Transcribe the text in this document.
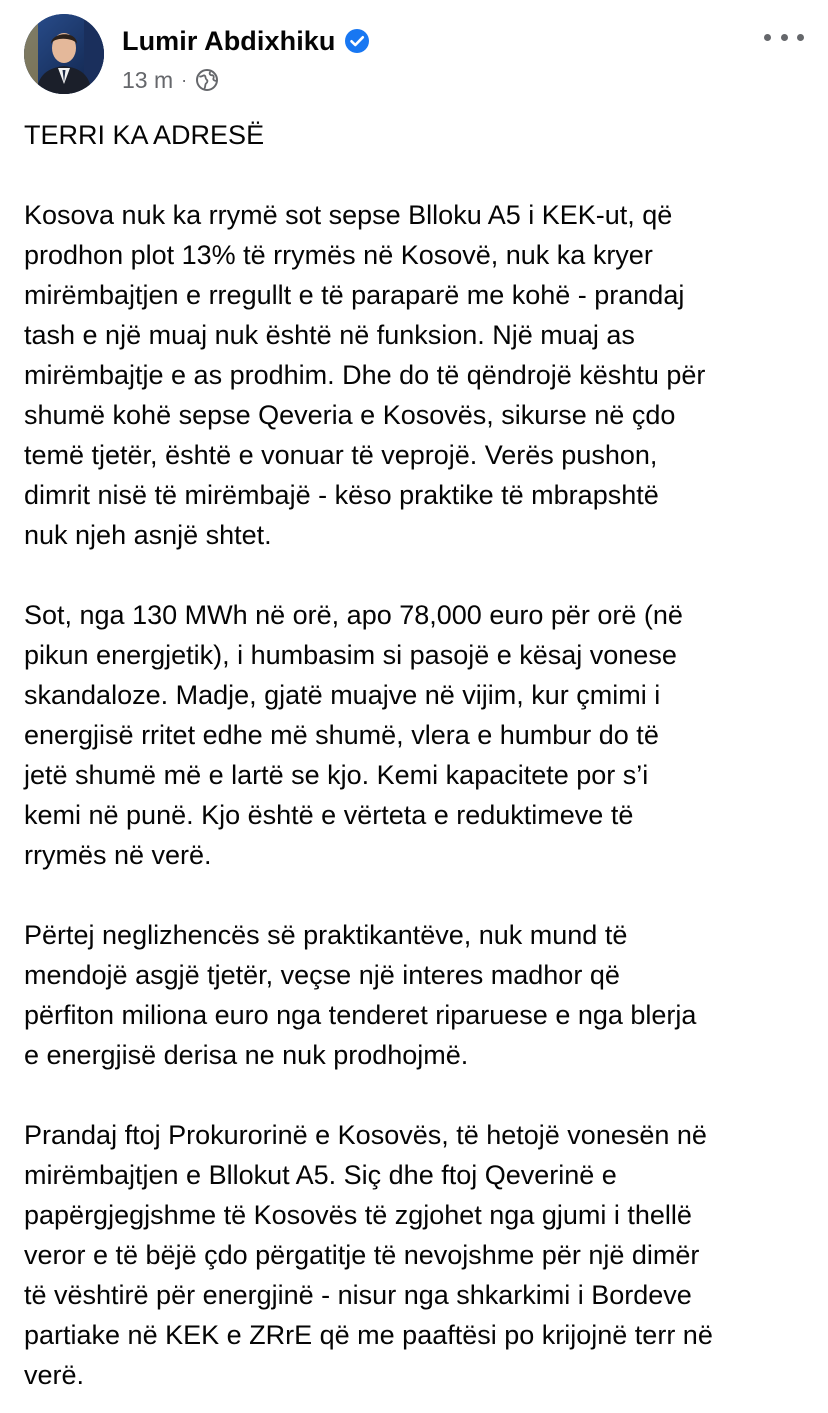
Lumir Abdixhiku
13 m ·

TERRI KA ADRESË

Kosova nuk ka rrymë sot sepse Blloku A5 i KEK-ut, që
prodhon plot 13% të rrymës në Kosovë, nuk ka kryer
mirëmbajtjen e rregullt e të paraparë me kohë - prandaj
tash e një muaj nuk është në funksion. Një muaj as
mirëmbajtje e as prodhim. Dhe do të qëndrojë kështu për
shumë kohë sepse Qeveria e Kosovës, sikurse në çdo
temë tjetër, është e vonuar të veprojë. Verës pushon,
dimrit nisë të mirëmbajë - këso praktike të mbrapshtë
nuk njeh asnjë shtet.

Sot, nga 130 MWh në orë, apo 78,000 euro për orë (në
pikun energjetik), i humbasim si pasojë e kësaj vonese
skandaloze. Madje, gjatë muajve në vijim, kur çmimi i
energjisë rritet edhe më shumë, vlera e humbur do të
jetë shumë më e lartë se kjo. Kemi kapacitete por s’i
kemi në punë. Kjo është e vërteta e reduktimeve të
rrymës në verë.

Përtej neglizhencës së praktikantëve, nuk mund të
mendojë asgjë tjetër, veçse një interes madhor që
përfiton miliona euro nga tenderet riparuese e nga blerja
e energjisë derisa ne nuk prodhojmë.

Prandaj ftoj Prokurorinë e Kosovës, të hetojë vonesën në
mirëmbajtjen e Bllokut A5. Siç dhe ftoj Qeverinë e
papërgjegjshme të Kosovës të zgjohet nga gjumi i thellë
veror e të bëjë çdo përgatitje të nevojshme për një dimër
të vështirë për energjinë - nisur nga shkarkimi i Bordeve
partiake në KEK e ZRrE që me paaftësi po krijojnë terr në
verë.
